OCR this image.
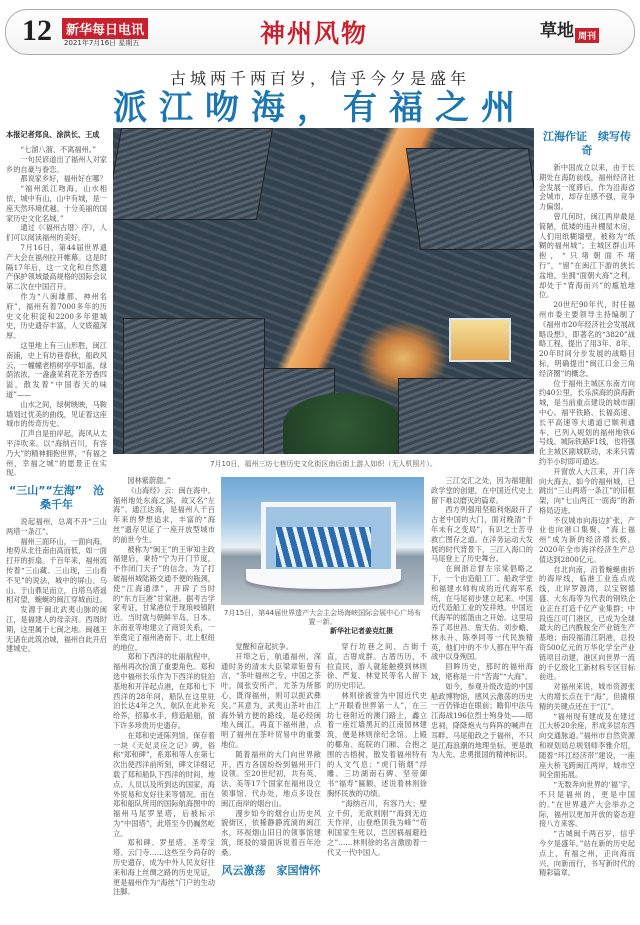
12	新华每日电讯
2021年7月16日 星期五	神州风物	草地 周刊
古城两千两百岁，信乎今夕是盛年
派江吻海，有福之州

本报记者郑良、涂洪长、王成

“七溜八溜，不离福州。”

一句民谚道出了福州人对家乡的自豪与眷恋。

都说家乡好，福州好在哪？

“福州派江吻海，山水相依，城中有山，山中有城，是一座天然环境优越、十分美丽的国家历史文化名城。”

通过《〈福州古厝〉序》，人们可以阅读福州的美好。

7月16日，第44届世界遗产大会在福州拉开帷幕。这是时隔17年后，这一文化和自然遗产保护领域最高规格的国际会议第二次在中国召开。

作为“八闽雄都、神州名府”，福州有着7000多年的历史文化积淀和2200多年建城史，历史遗存丰富，人文底蕴深厚。

这里地上有三山形胜，闽江南浦，史上有坊巷春秋，船政风云，一幢幢老榕树亭亭如盖，绿荫浓浓，一盏盏茉莉花茶芳香四溢，散发着“中国春天的味道”——

山水之间，绿树映映，马鞍墙划过优美的曲线，见证着这座城市的传奇历史。

江声自是拍岸起，海风从太平洋吹来。以“海纳百川，有容乃大”的精神拥抱世界，“有福之州，幸福之城”的愿景正在实现。

“三山”“左海”　沧桑千年

说起福州，总离不开“三山两塔一条江”。

福州三面环山，一面向海，地势从北往南由高而低，如一面打开的折扇。千百年来，福州流传着“三山藏、三山现，三山看不见”的说法，城中的屏山、乌山、于山鼎足而立，白塔乌塔遥相对望，蜿蜒的闽江穿城而过。

发源于闽北武夷山脉的闽江，是福建人的母亲河。西周时期，这里属于七闽之地。闽越王无诸在此筑冶城，福州自此开启建城史。

7月10日，福州三坊七巷历史文化街区南后街上游人如织（无人机照片）。

园林紫蔚甜。”

《山海经》云：闽在海中。福州地处东海之滨，故又名“左海”。通江达海，是福州人千百年来的梦想追求，丰富的“海丝”遗存见证了一座开放型城市的前世今生。

被称为“闽王”的王审知主政福建后，秉持“宁为开门节度，不作闭门天子”的信念，为了打破福州城陆路交通不便的瓶颈，使“江海通津”，开辟了当时的“东方巨港”甘棠港。据考古学家考证，甘棠港位于现琅岐镇附近。当时就与朝鲜半岛、日本、东南亚等地建立了商贸关系，一举奠定了福州港南下、北上枢纽的地位。

郑和下西洋的壮丽航程中，福州再次扮演了重要角色。郑和选中福州长乐作为下西洋的驻泊基地和开洋起点港，在郑和七下西洋的28年间，船队在这里驻泊长达4年之久，航队在此补充给养，招募水手，修造船舶，留下许多珍贵历史遗存。

在郑和史迹陈列馆，保存着一块《天妃灵应之记》碑，俗称“郑和碑”，系郑和等人在第七次出使西洋前所刻，碑文详细记载了郑和船队下西洋的时间、地点、人员以及所到达的国家，海外贸易和友好往来等情况。而在郑和船队所用的国际航海图中的福州马尾罗星塔，后被标示为“中国塔”，此塔至今仍巍然屹立。

郑和碑、罗星塔、圣寿宝塔、云门寺……这些至今尚存的历史遗存，成为中外人民友好往来和海上丝绸之路的历史见证，更是福州作为“海丝”门户的生动注脚。

7月15日，第44届世界遗产大会主会场海峡国际会展中心广场布置一新。
新华社记者姜克红摄

觉醒和奋起抗争。

开埠之后，航通福州，深通时务的清末大臣梁章钜曾有言，“茶叶福州之专，中国之茶叶，闻张安所产，尤茶为所都心，既得福州，则可以扼武彝矣。”其意为，武夷山茶叶由江海外销方便的路线，是必经闽地入闽江，再直下福州港，点明了福州在茶叶贸易中的重要地位。

随着福州的大门向世界敞开，西方各国纷纷到福州开门设领。至20世纪初，共有英、法、美等17个国家在福州设立领事馆、代办处，地点多设在闽江南岸的烟台山。

漫步如今的烟台山历史风貌街区，依稀静静流淌的闽江水，环视烟山旧日的领事馆建筑，斑驳的墙面诉说着百年沧桑。

风云激荡　家国情怀

穿行坊巷之间，古街千直，古厝成群。古厝历历，不拉直民，游人就能触摸到林则徐、严复、林觉民等名人留下的历史印记。

林则徐被誉为中国近代史上“开眼看世界第一人”，在三坊七巷附近的澳门路上，鑫立着一座红墙黑瓦的江南园林建筑，便是林则徐纪念馆。上殿的椰角、庭院的门厢、合抱之围的古榕树，散发着福州特有的人文气息；“虎门销烟”浮雕、三坊湖南石碑、坚帝御书“福寿”匾额，述说着林则徐胸怀民族的功绩。

“海纳百川，有容乃大；壁立千仞，无欲则刚”“海到无边天作岸，山登绝顶我为峰”“苟利国家生死以，岂因祸福避趋之”……林则徐的名言激励着一代又一代中国人。

三江交汇之处，因为福建船政学堂的创建，在中国近代史上留下难以磨灭的篇章。

西方列强用坚船利炮敲开了古老中国的大门，面对晚清“千年未有之变局”，有识之士苦寻救亡图存之道。在洋务运动大发展的时代背景下，三江入海口的马尾登上了历史舞台。

在闽浙总督左宗棠倡略之下，一个由造船工厂、船政学堂和福建水师构成的近代海军系统，在马尾初步建立起来。中国近代造船工业的发祥地、中国近代海军的摇篮由之开始。这里培养了邓世昌、詹天佑、刘步蟾、林永升、陈季同等一代民族精英，他们中的不少人都在甲午海战中以身殉国。

回眸历史，那时的福州海域，堪称是一片“苦海”“大海”。

如今，参观升级改造的中国船政博物馆，感风云激荡的历史一百仍锋迫在眼前；瞻仰中法马江海战196位烈士殉身处——昭忠祠，降降炮火与阵阵的喊声在耳畔。马尾船政之于福州，不只是江海浪潮的地理坐标，更是敢为人先、忠勇报国的精神标识。

江海作证　续写传奇

新中国成立以来，由于长期处在海防前线，福州经济社会发展一度滞后，作为沿海省会城市，却存在感不强，竞争力偏弱。

曾几何时，闽江两岸最是简陋，低矮的违升棚屋木房，人们用纸糊墙壁，被称为“纸糊的福州城”；主城区群山环抱，“只堵朝面不堵行”，“留”在闽江下游的狭长盆地，坐拥“面朝大海”之利，却处于“背海而兴”的尴尬地位。

20世纪90年代，时任福州市委主要领导主持编制了《福州市20年经济社会发展战略设想》，即著名的“3820”战略工程，提出了用3年、8年、20年时间分步发展的战略目标，明确提出“闽江口金三角经济圈”的概念。

位于福州主城区东南方向约40公里，长乐滨海的滨海新城，是当前重点建设的城市副中心。福平铁路、长福高速、长平高速等大通道已顺利通车，已列入规划的福州地铁6号线、城际铁路F1线，也将强化主城区副城联动，未来只需约半小时即可通达。

开窗放入大江来，开门奔向大海去。如今的福州城，已跳出“三山两塔一条江”的旧框架，向“七山两江一面海”的新格局迈进。

不仅城市向海边扩张，产业也向港口集聚，“海上福州”成为新的经济增长极，2020年全市海洋经济生产总值达到2800亿元。

自北向南，沿着蜿蜒曲折的海岸线，临港工业连点成线，北岸罗源湾，以宝钢德盛、大东海等为代表的钢铁企业正在打造千亿产业集群；中段连江可门港区，已成为全球最大的己内酰胺全产业链生产基地；南段福清江阴港，总投资500亿元的万华化学全产业链项目动建，港区向世界一流的千亿级化工新材料专区目标前进。

对福州来说，城市资源张大的增长点在于“海”，但撬根精的关键点还在于“江”。

“福州现有建成及在建过江大桥20余座，形成多层东西向交通脉道。”福州市自然资源和规划局总规划师李雅介绍，随着“环江经济带”建设，一座座大桥飞跨闽江两岸，城市空间全面拓展。

“无数奔向世界的‘福’字，不只是福州的，更是中国的。”在世界遗产大会举办之际，福州以更加开放的姿态迎接八方来客。

“古城闽千两百岁，信乎今夕是盛年。”站在新的历史起点上，有福之州，正向海而兴、向新而行，书写新时代的精彩篇章。
